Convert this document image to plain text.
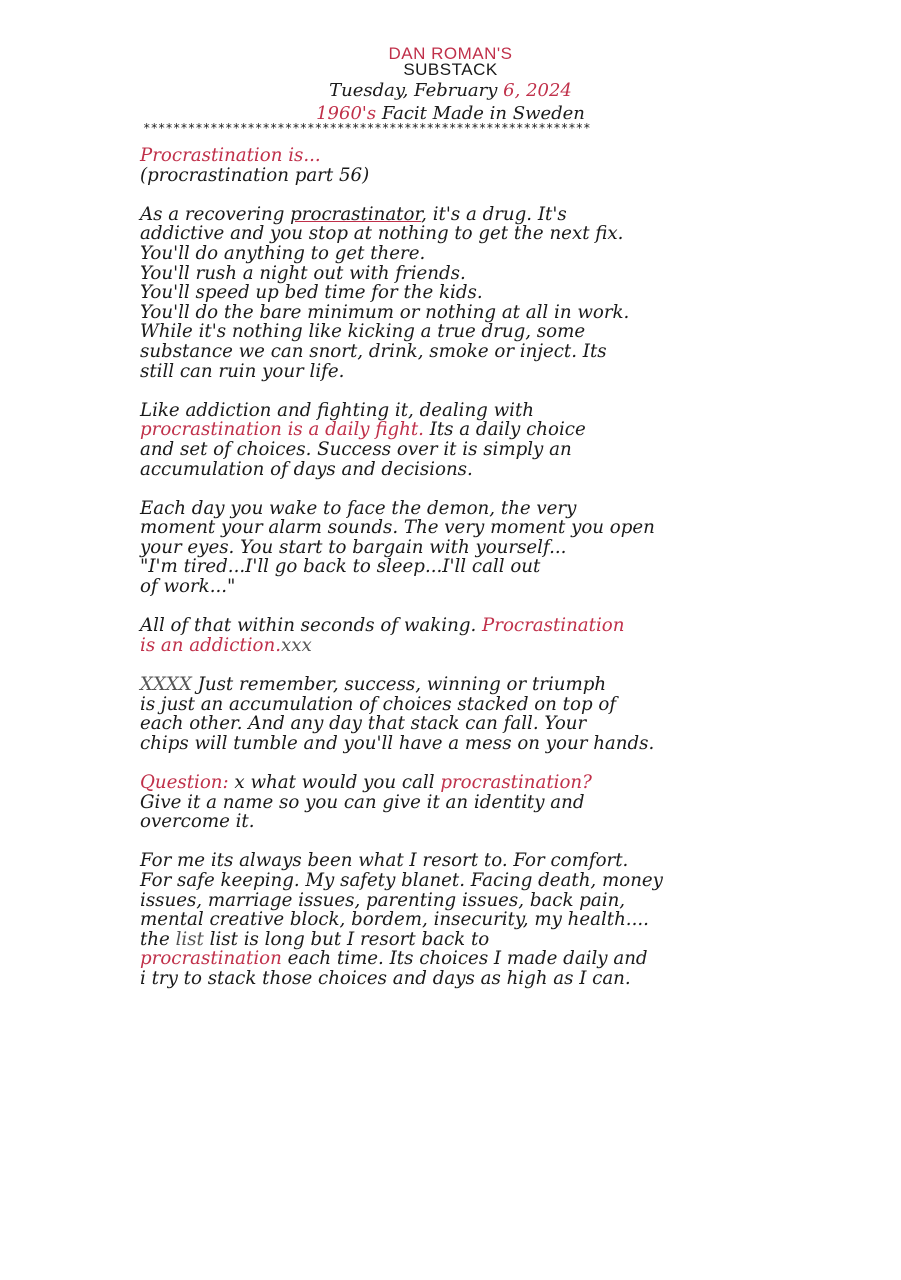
DAN ROMAN'S
SUBSTACK
Tuesday, February 6, 2024
1960's Facit Made in Sweden
************************************************************
Procrastination is...
(procrastination part 56)
As a recovering procrastinator, it's a drug. It's
addictive and you stop at nothing to get the next fix.
You'll do anything to get there.
You'll rush a night out with friends.
You'll speed up bed time for the kids.
You'll do the bare minimum or nothing at all in work.
While it's nothing like kicking a true drug, some
substance we can snort, drink, smoke or inject. Its
still can ruin your life.
Like addiction and fighting it, dealing with
procrastination is a daily fight. Its a daily choice
and set of choices. Success over it is simply an
accumulation of days and decisions.
Each day you wake to face the demon, the very
moment your alarm sounds. The very moment you open
your eyes. You start to bargain with yourself...
"I'm tired...I'll go back to sleep...I'll call out
of work..."
All of that within seconds of waking. Procrastination
is an addiction.xxx
XXXX Just remember, success, winning or triumph
is just an accumulation of choices stacked on top of
each other. And any day that stack can fall. Your
chips will tumble and you'll have a mess on your hands.
Question: x what would you call procrastination?
Give it a name so you can give it an identity and
overcome it.
For me its always been what I resort to. For comfort.
For safe keeping. My safety blanet. Facing death, money
issues, marriage issues, parenting issues, back pain,
mental creative block, bordem, insecurity, my health....
the list list is long but I resort back to
procrastination each time. Its choices I made daily and
i try to stack those choices and days as high as I can.
